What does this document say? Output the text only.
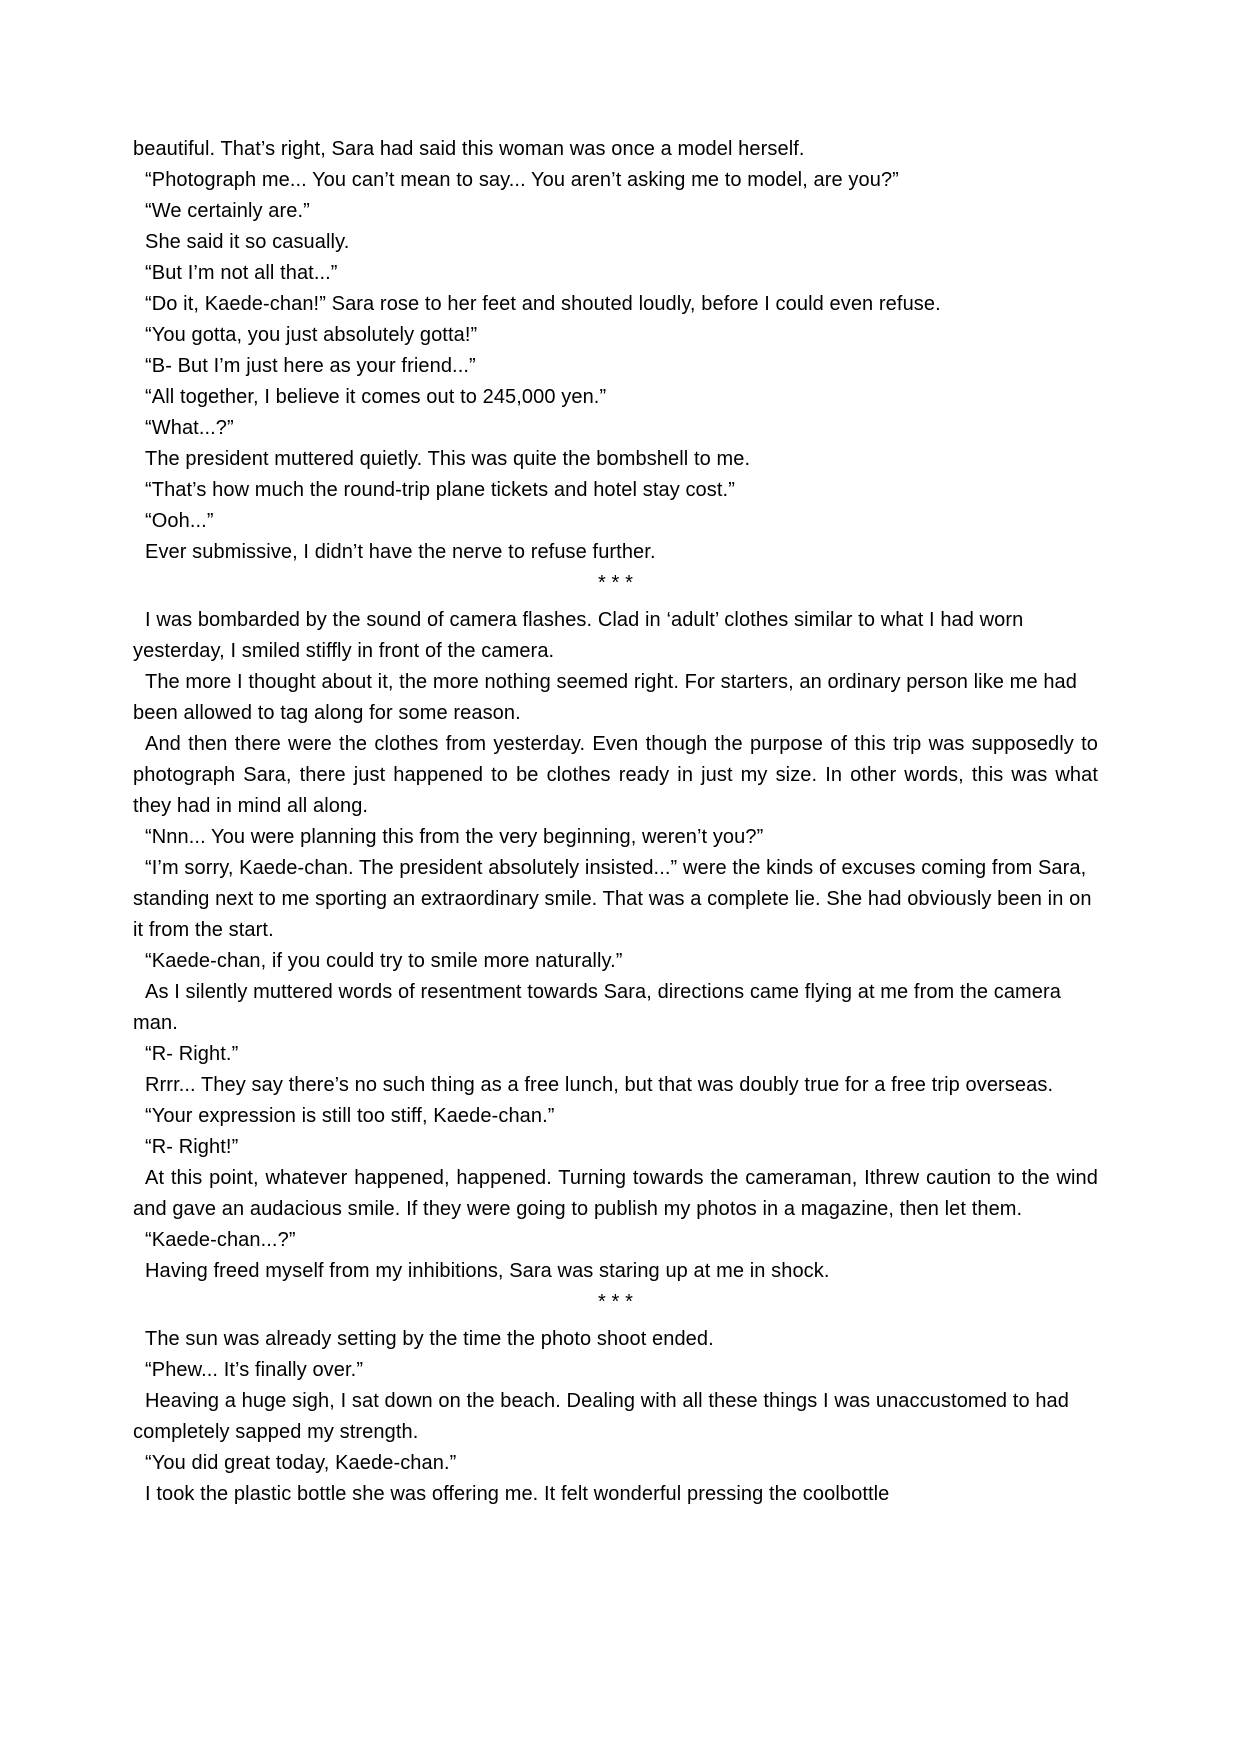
beautiful. That’s right, Sara had said this woman was once a model herself.

“Photograph me... You can’t mean to say... You aren’t asking me to model, are you?”

“We certainly are.”

She said it so casually.

“But I’m not all that...”

“Do it, Kaede-chan!” Sara rose to her feet and shouted loudly, before I could even refuse.

“You gotta, you just absolutely gotta!”

“B- But I’m just here as your friend...”

“All together, I believe it comes out to 245,000 yen.”

“What...?”

The president muttered quietly. This was quite the bombshell to me.

“That’s how much the round-trip plane tickets and hotel stay cost.”

“Ooh...”

Ever submissive, I didn’t have the nerve to refuse further.

* * *

I was bombarded by the sound of camera flashes. Clad in ‘adult’ clothes similar to what I had worn yesterday, I smiled stiffly in front of the camera.

The more I thought about it, the more nothing seemed right. For starters, an ordinary person like me had been allowed to tag along for some reason.

And then there were the clothes from yesterday. Even though the purpose of this trip was supposedly to photograph Sara, there just happened to be clothes ready in just my size. In other words, this was what they had in mind all along.

“Nnn... You were planning this from the very beginning, weren’t you?”

“I’m sorry, Kaede-chan. The president absolutely insisted...” were the kinds of excuses coming from Sara, standing next to me sporting an extraordinary smile. That was a complete lie. She had obviously been in on it from the start.

“Kaede-chan, if you could try to smile more naturally.”

As I silently muttered words of resentment towards Sara, directions came flying at me from the camera man.

“R- Right.”

Rrrr... They say there’s no such thing as a free lunch, but that was doubly true for a free trip overseas.

“Your expression is still too stiff, Kaede-chan.”

“R- Right!”

At this point, whatever happened, happened. Turning towards the cameraman, Ithrew caution to the wind and gave an audacious smile. If they were going to publish my photos in a magazine, then let them.

“Kaede-chan...?”

Having freed myself from my inhibitions, Sara was staring up at me in shock.

* * *

The sun was already setting by the time the photo shoot ended.

“Phew... It’s finally over.”

Heaving a huge sigh, I sat down on the beach. Dealing with all these things I was unaccustomed to had completely sapped my strength.

“You did great today, Kaede-chan.”

I took the plastic bottle she was offering me. It felt wonderful pressing the coolbottle
